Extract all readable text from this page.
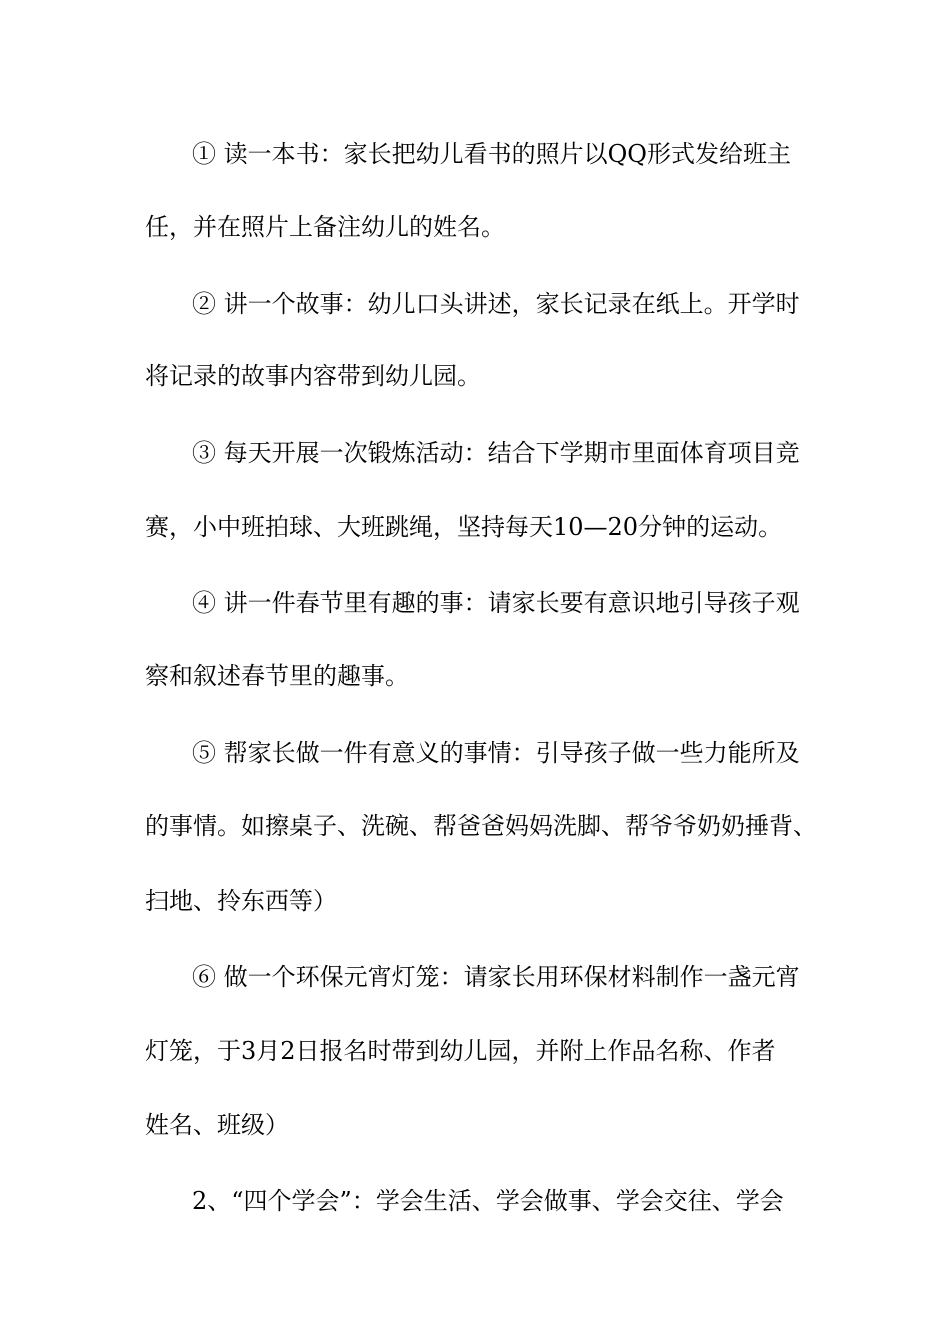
① 读一本书：家长把幼儿看书的照片以QQ形式发给班主
任，并在照片上备注幼儿的姓名。
② 讲一个故事：幼儿口头讲述，家长记录在纸上。开学时
将记录的故事内容带到幼儿园。
③ 每天开展一次锻炼活动：结合下学期市里面体育项目竞
赛，小中班拍球、大班跳绳，坚持每天10—20分钟的运动。
④ 讲一件春节里有趣的事：请家长要有意识地引导孩子观
察和叙述春节里的趣事。
⑤ 帮家长做一件有意义的事情：引导孩子做一些力能所及
的事情。如擦桌子、洗碗、帮爸爸妈妈洗脚、帮爷爷奶奶捶背、
扫地、拎东西等）
⑥ 做一个环保元宵灯笼：请家长用环保材料制作一盏元宵
灯笼，于3月2日报名时带到幼儿园，并附上作品名称、作者
姓名、班级）
2、“四个学会”：学会生活、学会做事、学会交往、学会
